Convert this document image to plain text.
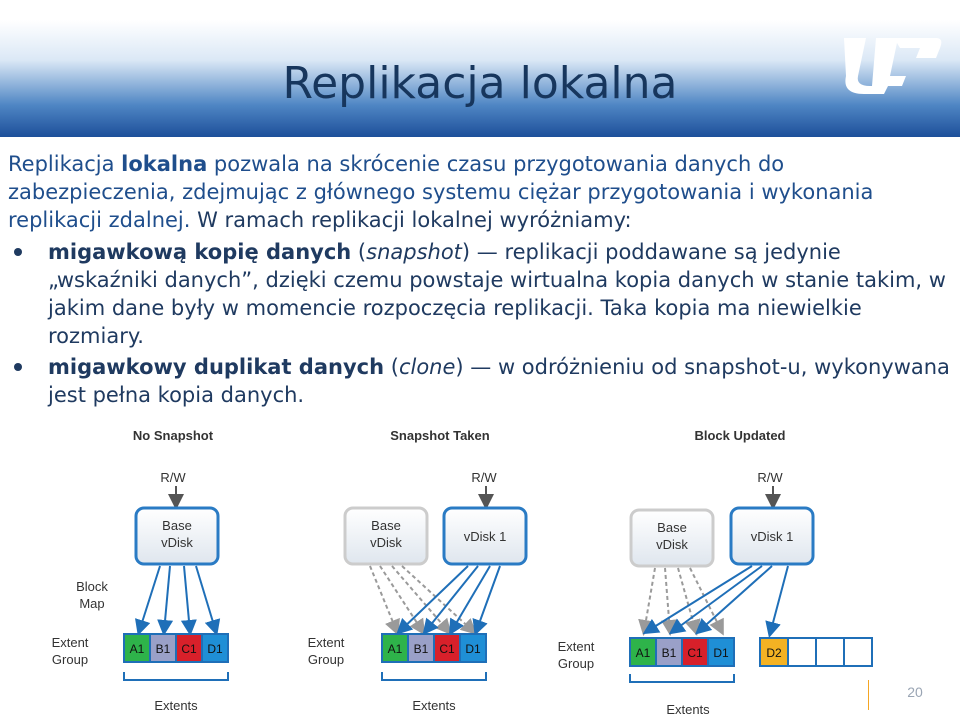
Replikacja lokalna

Replikacja lokalna pozwala na skrócenie czasu przygotowania danych do zabezpieczenia, zdejmując z głównego systemu ciężar przygotowania i wykonania replikacji zdalnej. W ramach replikacji lokalnej wyróżniamy:

migawkową kopię danych (snapshot) — replikacji poddawane są jedynie „wskaźniki danych”, dzięki czemu powstaje wirtualna kopia danych w stanie takim, w jakim dane były w momencie rozpoczęcia replikacji. Taka kopia ma niewielkie rozmiary.
migawkowy duplikat danych (clone) — w odróżnieniu od snapshot-u, wykonywana jest pełna kopia danych.
No Snapshot
R/W
Base
vDisk
Block
Map
Extent
Group
A1 B1 C1 D1
Extents
Snapshot Taken
R/W
Base
vDisk	vDisk 1
Extent
Group
A1 B1 C1 D1
Extents
Block Updated
R/W
Base
vDisk
vDisk 1
Extent
Group
A1 B1 C1 D1	D2
Extents
20
